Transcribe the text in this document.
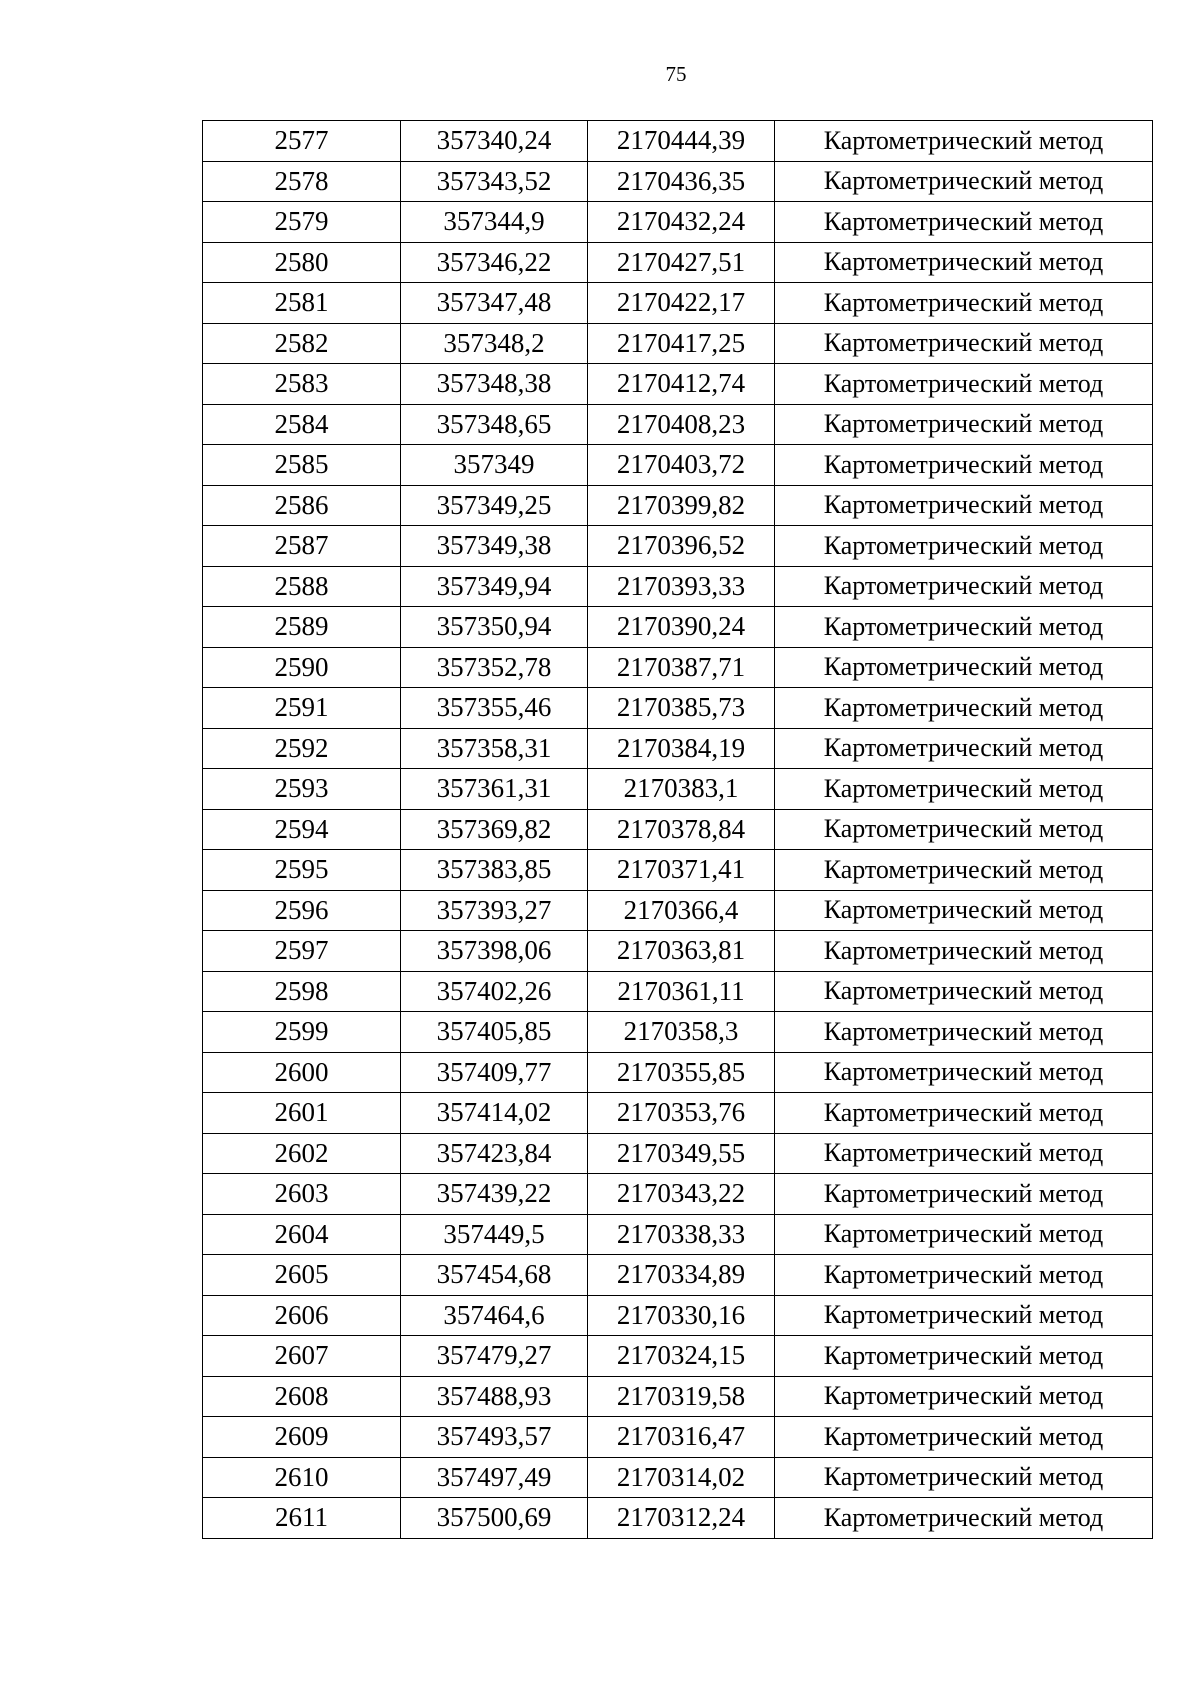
75
2577	357340,24	2170444,39	Картометрический метод
2578	357343,52	2170436,35	Картометрический метод
2579	357344,9	2170432,24	Картометрический метод
2580	357346,22	2170427,51	Картометрический метод
2581	357347,48	2170422,17	Картометрический метод
2582	357348,2	2170417,25	Картометрический метод
2583	357348,38	2170412,74	Картометрический метод
2584	357348,65	2170408,23	Картометрический метод
2585	357349	2170403,72	Картометрический метод
2586	357349,25	2170399,82	Картометрический метод
2587	357349,38	2170396,52	Картометрический метод
2588	357349,94	2170393,33	Картометрический метод
2589	357350,94	2170390,24	Картометрический метод
2590	357352,78	2170387,71	Картометрический метод
2591	357355,46	2170385,73	Картометрический метод
2592	357358,31	2170384,19	Картометрический метод
2593	357361,31	2170383,1	Картометрический метод
2594	357369,82	2170378,84	Картометрический метод
2595	357383,85	2170371,41	Картометрический метод
2596	357393,27	2170366,4	Картометрический метод
2597	357398,06	2170363,81	Картометрический метод
2598	357402,26	2170361,11	Картометрический метод
2599	357405,85	2170358,3	Картометрический метод
2600	357409,77	2170355,85	Картометрический метод
2601	357414,02	2170353,76	Картометрический метод
2602	357423,84	2170349,55	Картометрический метод
2603	357439,22	2170343,22	Картометрический метод
2604	357449,5	2170338,33	Картометрический метод
2605	357454,68	2170334,89	Картометрический метод
2606	357464,6	2170330,16	Картометрический метод
2607	357479,27	2170324,15	Картометрический метод
2608	357488,93	2170319,58	Картометрический метод
2609	357493,57	2170316,47	Картометрический метод
2610	357497,49	2170314,02	Картометрический метод
2611	357500,69	2170312,24	Картометрический метод
